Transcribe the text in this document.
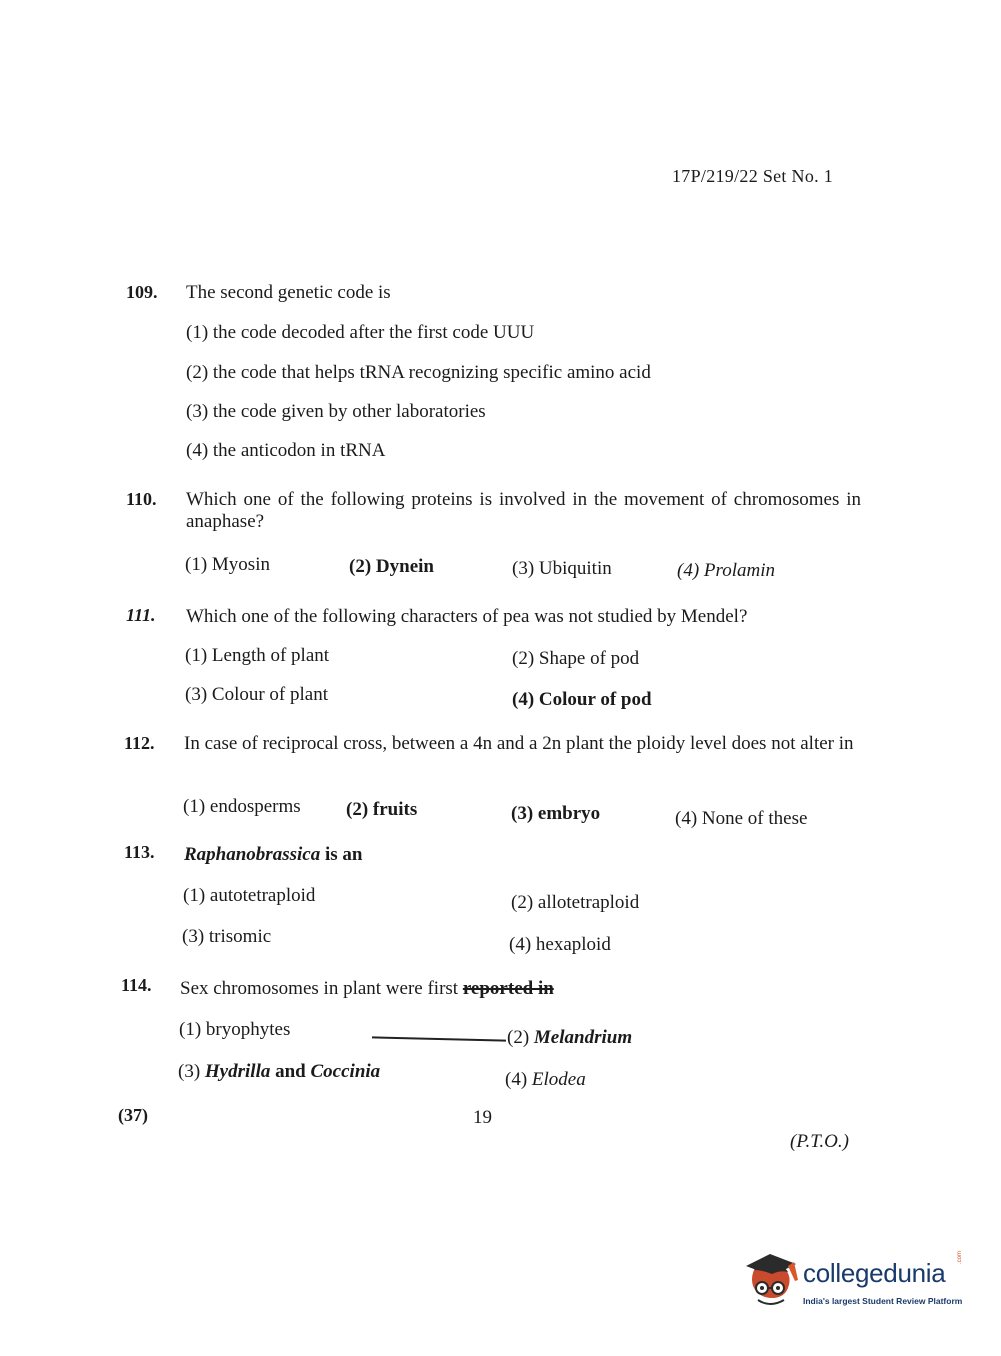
17P/219/22 Set No. 1
109. The second genetic code is
(1) the code decoded after the first code UUU
(2) the code that helps tRNA recognizing specific amino acid
(3) the code given by other laboratories
(4) the anticodon in tRNA
110. Which one of the following proteins is involved in the movement of chromosomes in anaphase?
(1) Myosin	(2) Dynein	(3) Ubiquitin	(4) Prolamin
111. Which one of the following characters of pea was not studied by Mendel?
(1) Length of plant	(2) Shape of pod
(3) Colour of plant	(4) Colour of pod
112. In case of reciprocal cross, between a 4n and a 2n plant the ploidy level does not alter in
(1) endosperms (2) fruits	(3) embryo	(4) None of these
113. Raphanobrassica is an
(1) autotetraploid	(2) allotetraploid
(3) trisomic	(4) hexaploid
114. Sex chromosomes in plant were first reported in
(1) bryophytes	(2) Melandrium
(3) Hydrilla and Coccinia	(4) Elodea
(37)	19
(P.T.O.)
collegedunia
.com
India's largest Student Review Platform
